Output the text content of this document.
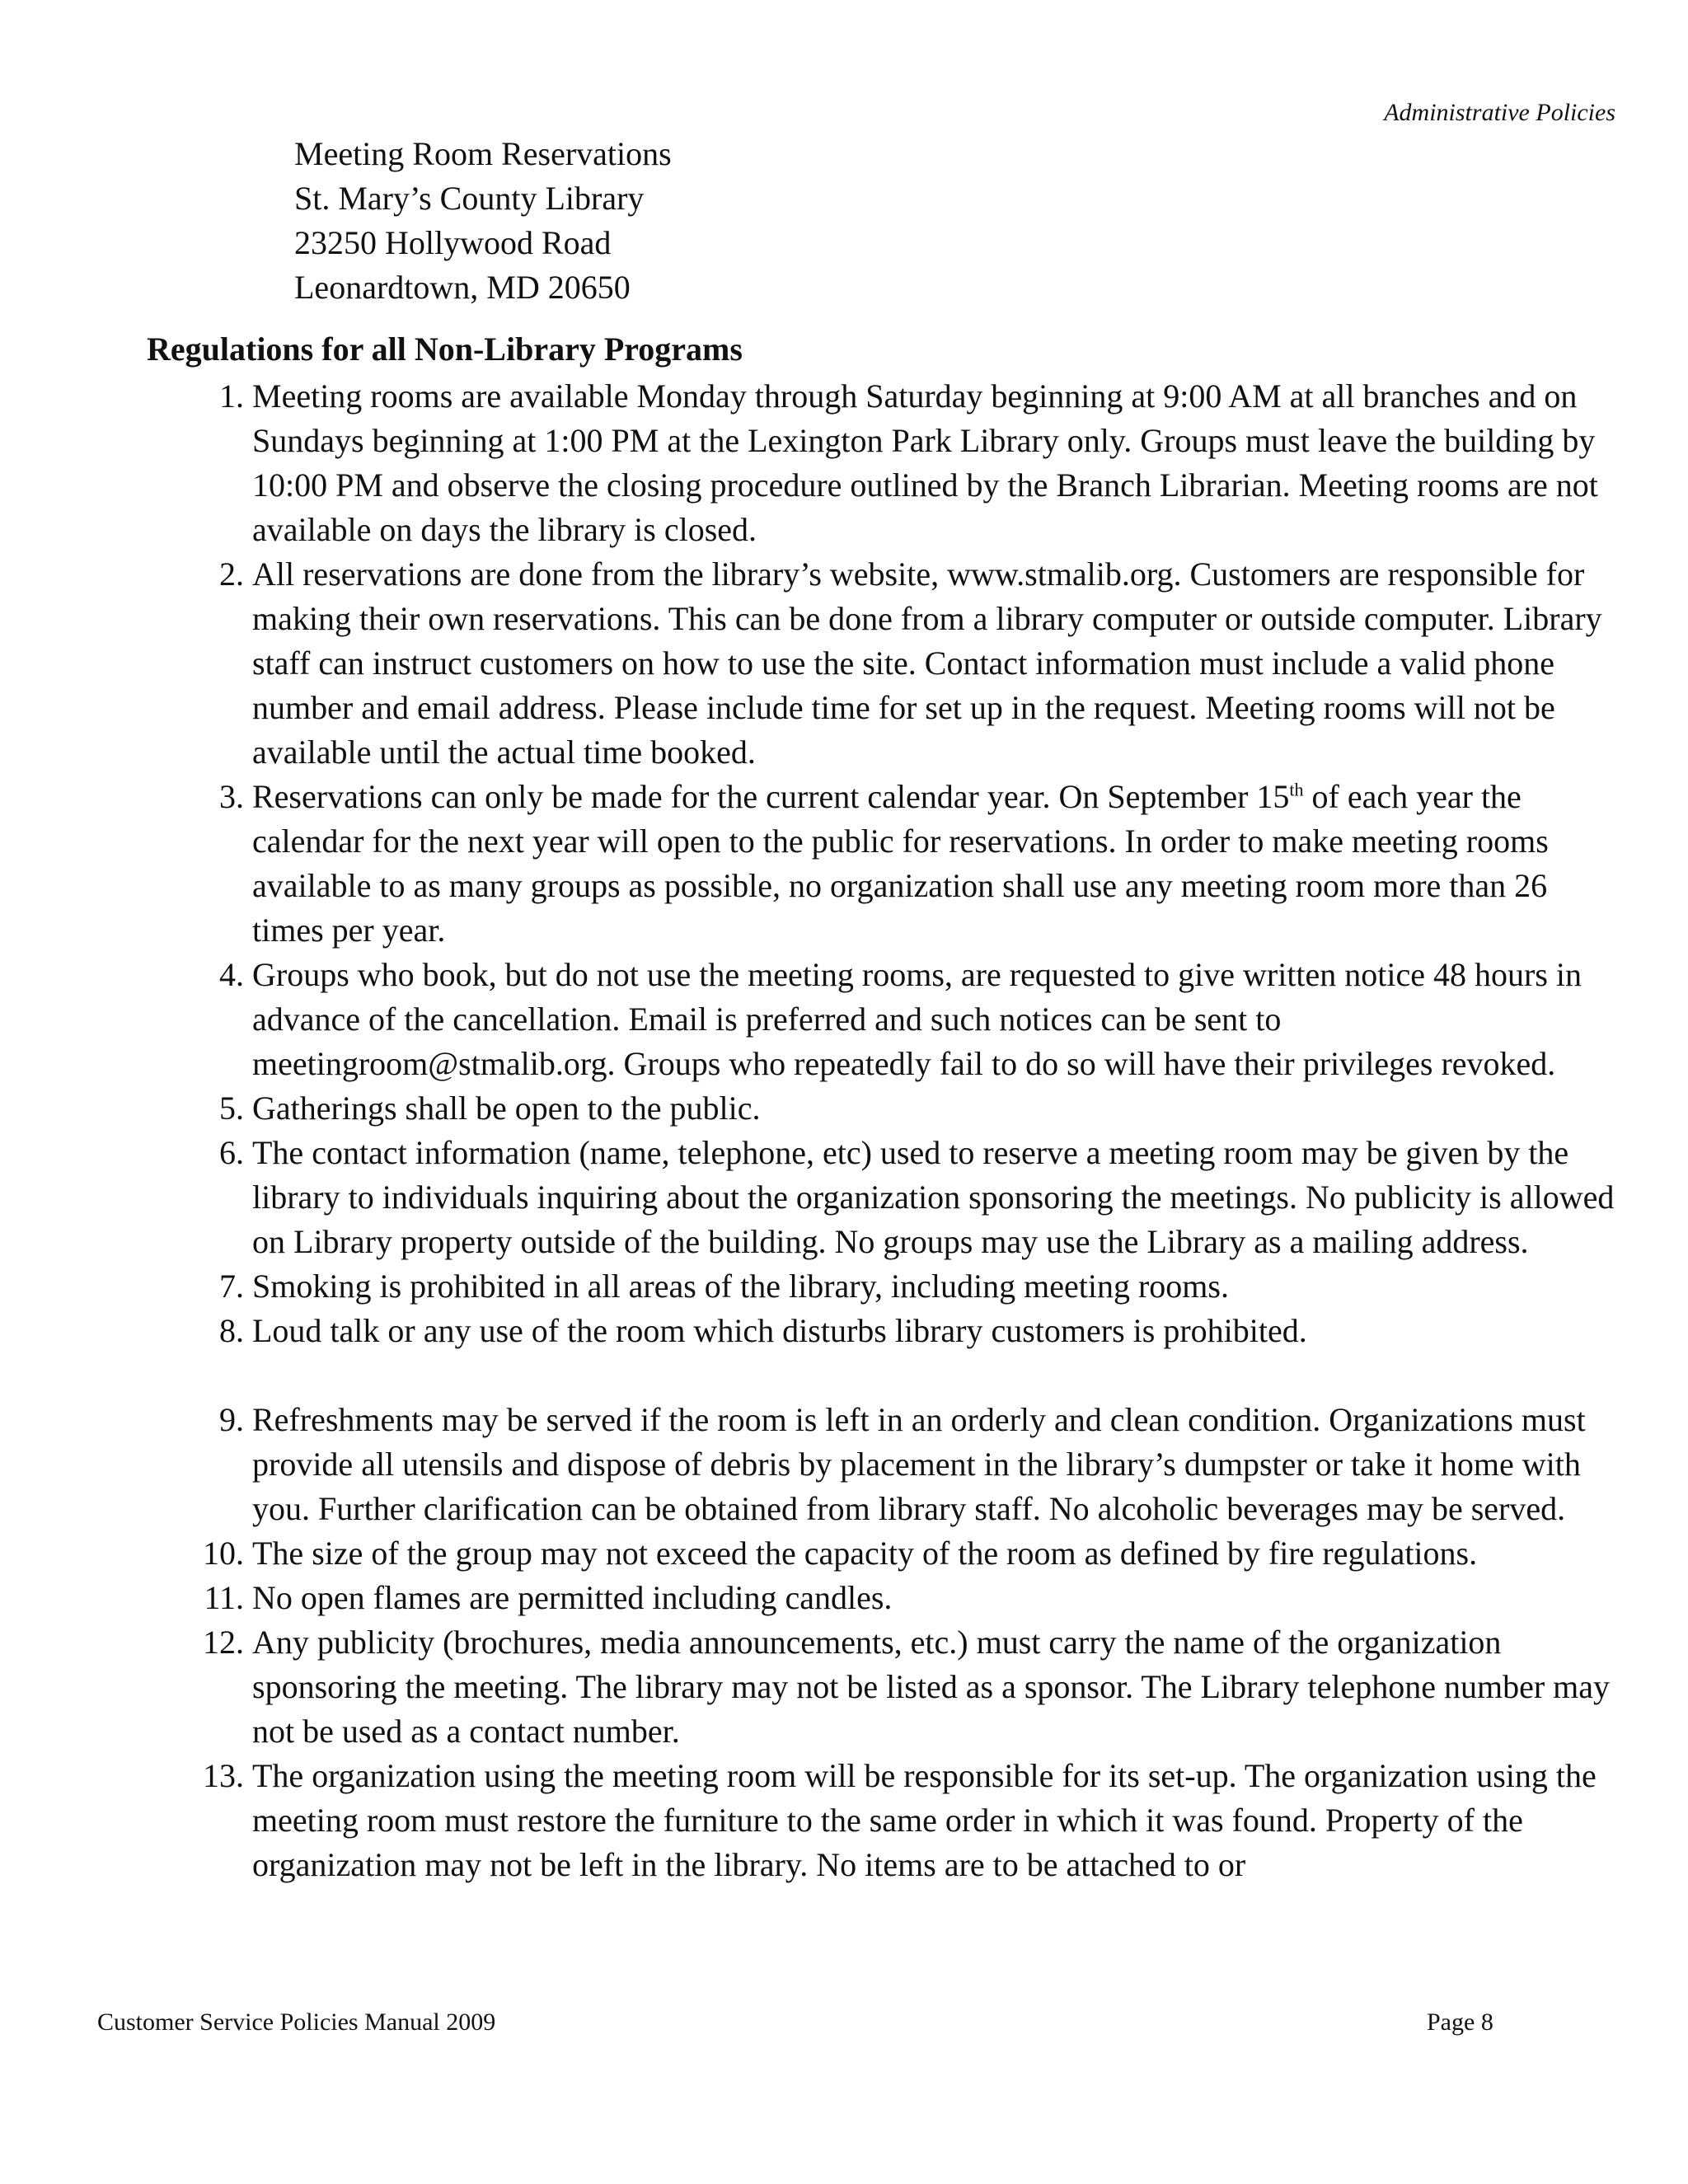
Administrative Policies
Meeting Room Reservations
St. Mary’s County Library
23250 Hollywood Road
Leonardtown, MD 20650
Regulations for all Non-Library Programs
1. Meeting rooms are available Monday through Saturday beginning at 9:00 AM at all branches and on Sundays beginning at 1:00 PM at the Lexington Park Library only. Groups must leave the building by 10:00 PM and observe the closing procedure outlined by the Branch Librarian. Meeting rooms are not available on days the library is closed.
2. All reservations are done from the library’s website, www.stmalib.org. Customers are responsible for making their own reservations. This can be done from a library computer or outside computer. Library staff can instruct customers on how to use the site. Contact information must include a valid phone number and email address. Please include time for set up in the request. Meeting rooms will not be available until the actual time booked.
3. Reservations can only be made for the current calendar year. On September 15th of each year the calendar for the next year will open to the public for reservations. In order to make meeting rooms available to as many groups as possible, no organization shall use any meeting room more than 26 times per year.
4. Groups who book, but do not use the meeting rooms, are requested to give written notice 48 hours in advance of the cancellation. Email is preferred and such notices can be sent to meetingroom@stmalib.org. Groups who repeatedly fail to do so will have their privileges revoked.
5. Gatherings shall be open to the public.
6. The contact information (name, telephone, etc) used to reserve a meeting room may be given by the library to individuals inquiring about the organization sponsoring the meetings. No publicity is allowed on Library property outside of the building. No groups may use the Library as a mailing address.
7. Smoking is prohibited in all areas of the library, including meeting rooms.
8. Loud talk or any use of the room which disturbs library customers is prohibited.
9. Refreshments may be served if the room is left in an orderly and clean condition. Organizations must provide all utensils and dispose of debris by placement in the library’s dumpster or take it home with you. Further clarification can be obtained from library staff. No alcoholic beverages may be served.
10. The size of the group may not exceed the capacity of the room as defined by fire regulations.
11. No open flames are permitted including candles.
12. Any publicity (brochures, media announcements, etc.) must carry the name of the organization sponsoring the meeting. The library may not be listed as a sponsor. The Library telephone number may not be used as a contact number.
13. The organization using the meeting room will be responsible for its set-up. The organization using the meeting room must restore the furniture to the same order in which it was found. Property of the organization may not be left in the library. No items are to be attached to or
Customer Service Policies Manual 2009	Page 8
